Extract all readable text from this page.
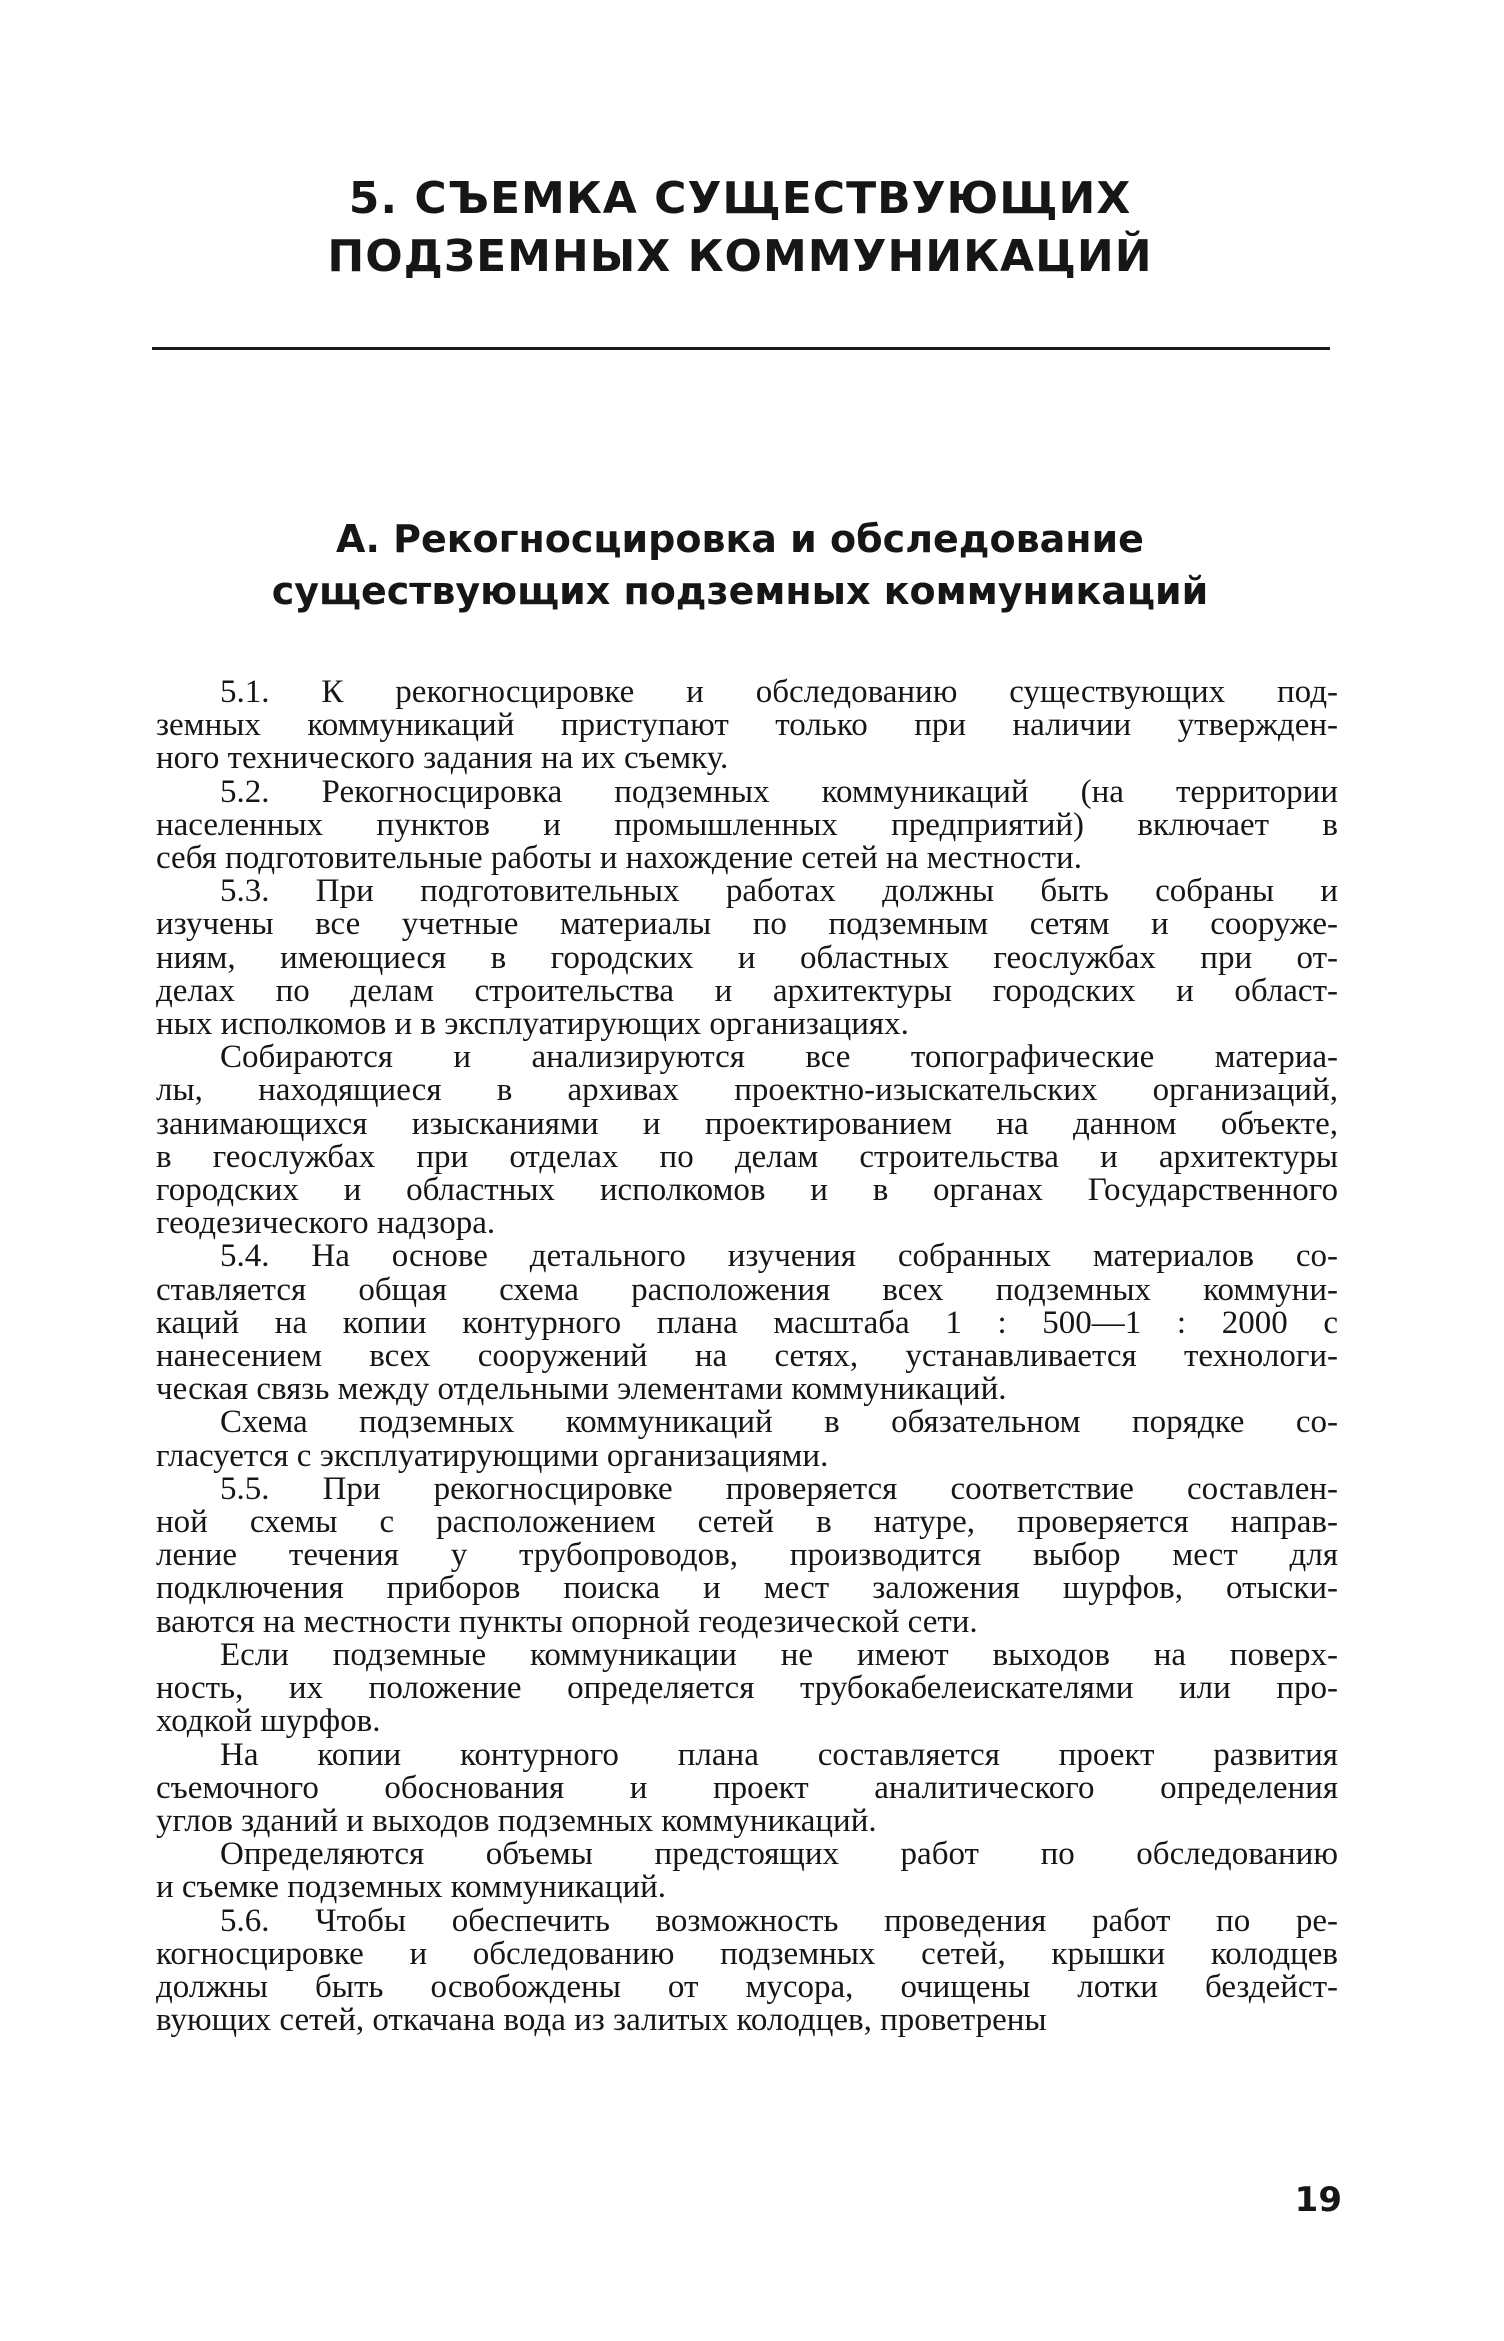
5. СЪЕМКА СУЩЕСТВУЮЩИХ
ПОДЗЕМНЫХ КОММУНИКАЦИЙ
А. Рекогносцировка и обследование
существующих подземных коммуникаций
5.1. К рекогносцировке и обследованию существующих под-
земных коммуникаций приступают только при наличии утвержден-
ного технического задания на их съемку.
5.2. Рекогносцировка подземных коммуникаций (на территории
населенных пунктов и промышленных предприятий) включает в
себя подготовительные работы и нахождение сетей на местности.
5.3. При подготовительных работах должны быть собраны и
изучены все учетные материалы по подземным сетям и сооруже-
ниям, имеющиеся в городских и областных геослужбах при от-
делах по делам строительства и архитектуры городских и област-
ных исполкомов и в эксплуатирующих организациях.
Собираются и анализируются все топографические материа-
лы, находящиеся в архивах проектно-изыскательских организаций,
занимающихся изысканиями и проектированием на данном объекте,
в геослужбах при отделах по делам строительства и архитектуры
городских и областных исполкомов и в органах Государственного
геодезического надзора.
5.4. На основе детального изучения собранных материалов со-
ставляется общая схема расположения всех подземных коммуни-
каций на копии контурного плана масштаба 1 : 500—1 : 2000 с
нанесением всех сооружений на сетях, устанавливается технологи-
ческая связь между отдельными элементами коммуникаций.
Схема подземных коммуникаций в обязательном порядке со-
гласуется с эксплуатирующими организациями.
5.5. При рекогносцировке проверяется соответствие составлен-
ной схемы с расположением сетей в натуре, проверяется направ-
ление течения у трубопроводов, производится выбор мест для
подключения приборов поиска и мест заложения шурфов, отыски-
ваются на местности пункты опорной геодезической сети.
Если подземные коммуникации не имеют выходов на поверх-
ность, их положение определяется трубокабелеискателями или про-
ходкой шурфов.
На копии контурного плана составляется проект развития
съемочного обоснования и проект аналитического определения
углов зданий и выходов подземных коммуникаций.
Определяются объемы предстоящих работ по обследованию
и съемке подземных коммуникаций.
5.6. Чтобы обеспечить возможность проведения работ по ре-
когносцировке и обследованию подземных сетей, крышки колодцев
должны быть освобождены от мусора, очищены лотки бездейст-
вующих сетей, откачана вода из залитых колодцев, проветрены
19
